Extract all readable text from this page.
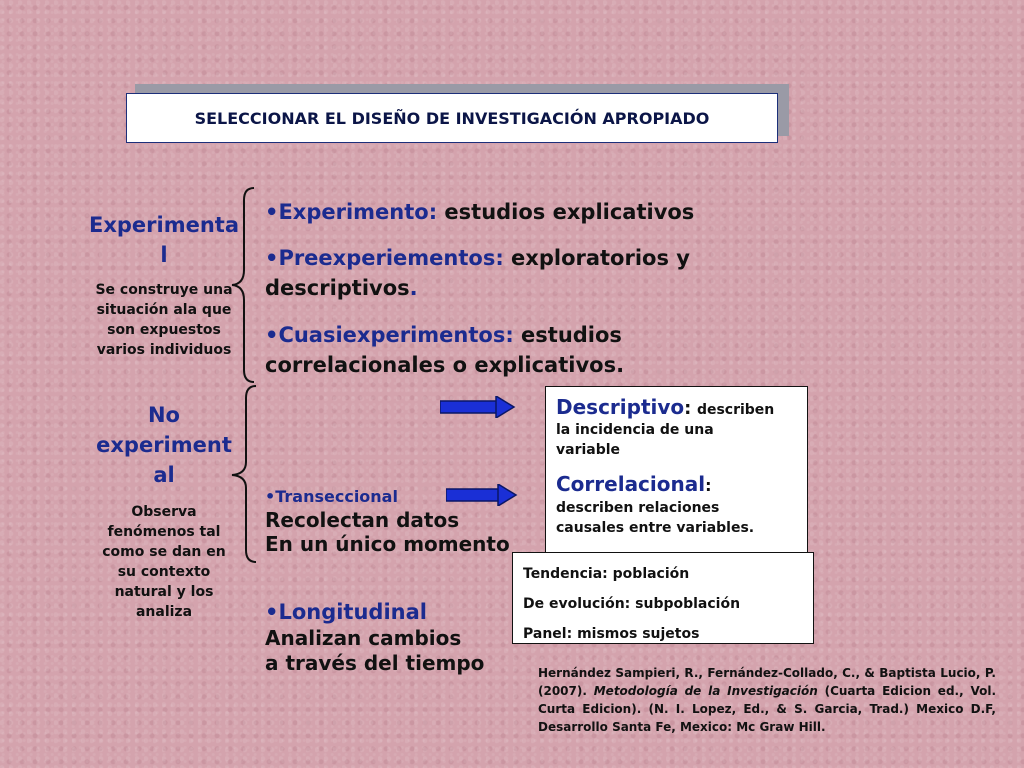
SELECCIONAR EL DISEÑO DE INVESTIGACIÓN APROPIADO
Experimenta
l
Se construye una
situación ala que
son expuestos
varios individuos
•Experimento: estudios explicativos
•Preexperiementos: exploratorios y
descriptivos.
•Cuasiexperimentos: estudios
correlacionales o explicativos.
No
experiment
al
Observa
fenómenos tal
como se dan en
su contexto
natural y los
analiza
•Transeccional
Recolectan datos
En un único momento
•Longitudinal
Analizan cambios
a través del tiempo
Descriptivo: describen
la incidencia de una
variable
Correlacional:
describen relaciones
causales entre variables.
Tendencia: población
De evolución: subpoblación
Panel: mismos sujetos
Hernández Sampieri, R., Fernández-Collado, C., & Baptista Lucio, P. (2007). Metodología de la Investigación (Cuarta Edicion ed., Vol. Curta Edicion). (N. I. Lopez, Ed., & S. Garcia, Trad.) Mexico D.F, Desarrollo Santa Fe, Mexico: Mc Graw Hill.
